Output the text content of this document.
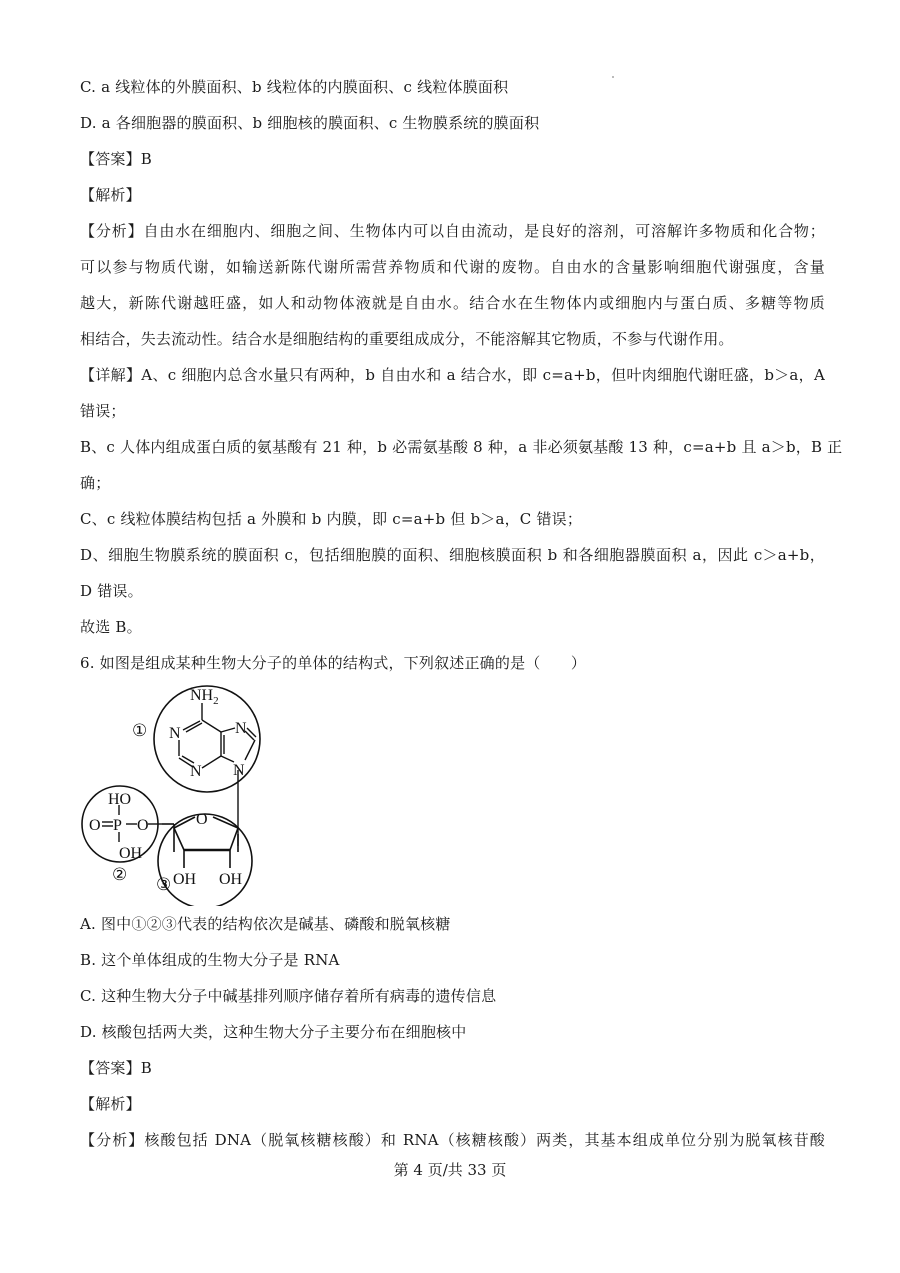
C. a 线粒体的外膜面积、b 线粒体的内膜面积、c 线粒体膜面积
D. a 各细胞器的膜面积、b 细胞核的膜面积、c 生物膜系统的膜面积
【答案】B
【解析】
【分析】自由水在细胞内、细胞之间、生物体内可以自由流动，是良好的溶剂，可溶解许多物质和化合物；
可以参与物质代谢，如输送新陈代谢所需营养物质和代谢的废物。自由水的含量影响细胞代谢强度，含量
越大，新陈代谢越旺盛，如人和动物体液就是自由水。结合水在生物体内或细胞内与蛋白质、多糖等物质
相结合，失去流动性。结合水是细胞结构的重要组成成分，不能溶解其它物质，不参与代谢作用。
【详解】A、c 细胞内总含水量只有两种，b 自由水和 a 结合水，即 c=a+b，但叶肉细胞代谢旺盛，b＞a，A
错误；
B、c 人体内组成蛋白质的氨基酸有 21 种，b 必需氨基酸 8 种，a 非必须氨基酸 13 种，c=a+b 且 a＞b，B 正
确；
C、c 线粒体膜结构包括 a 外膜和 b 内膜，即 c=a+b 但 b＞a，C 错误；
D、细胞生物膜系统的膜面积 c，包括细胞膜的面积、细胞核膜面积 b 和各细胞器膜面积 a，因此 c＞a+b，
D 错误。
故选 B。
6. 如图是组成某种生物大分子的单体的结构式，下列叙述正确的是（　　）
$NH_2$
N
N
N
N
HO
O P O
OH
O
OH OH
①
②
③
A. 图中①②③代表的结构依次是碱基、磷酸和脱氧核糖
B. 这个单体组成的生物大分子是 RNA
C. 这种生物大分子中碱基排列顺序储存着所有病毒的遗传信息
D. 核酸包括两大类，这种生物大分子主要分布在细胞核中
【答案】B
【解析】
【分析】核酸包括 DNA（脱氧核糖核酸）和 RNA（核糖核酸）两类，其基本组成单位分别为脱氧核苷酸
第 4 页/共 33 页
